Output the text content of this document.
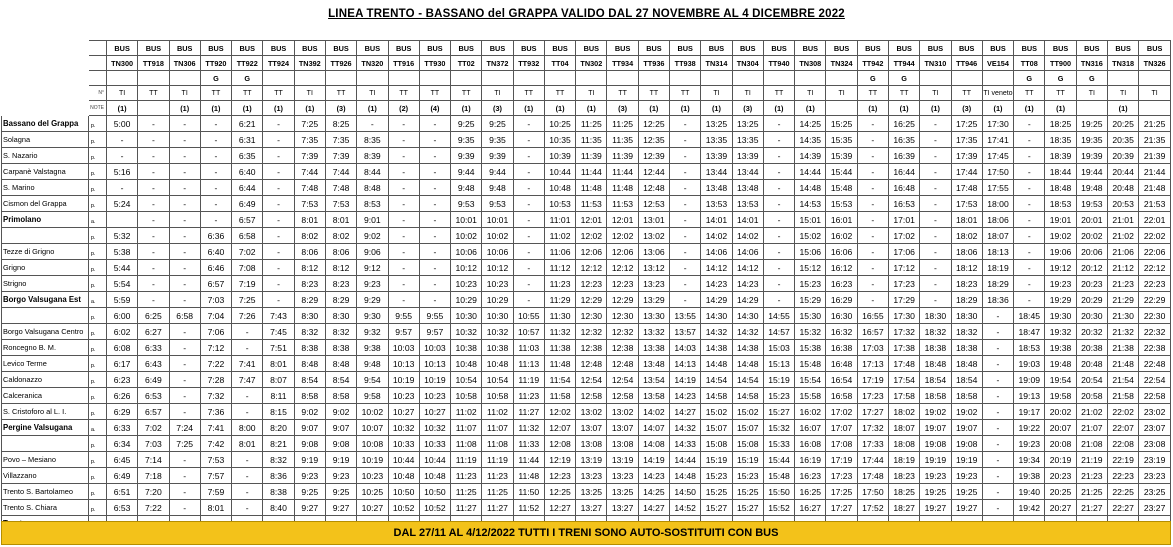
LINEA TRENTO - BASSANO del GRAPPA VALIDO DAL 27 NOVEMBRE AL 4 DICEMBRE 2022
		BUS	BUS	BUS	BUS	BUS	BUS	BUS	BUS	BUS	BUS	BUS	BUS	BUS	BUS	BUS	BUS	BUS	BUS	BUS	BUS	BUS	BUS	BUS	BUS	BUS	BUS	BUS	BUS	BUS	BUS	BUS	BUS	BUS	BUS
		TN300	TT918	TN306	TT920	TT922	TT924	TN392	TT926	TN320	TT916	TT930	TT02	TN372	TT932	TT04	TN302	TT934	TT936	TT938	TN314	TN304	TT940	TN308	TN324	TT942	TT944	TN310	TT946	VE154	TT08	TT900	TN316	TN318	TN326
					G	G																				G	G				G	G	G		
	N°	TI	TT	TI	TT	TT	TT	TI	TT	TI	TT	TT	TT	TI	TT	TT	TI	TT	TT	TT	TI	TI	TT	TI	TI	TT	TT	TI	TT	TI veneto	TT	TT	TI	TI	TI
	NOTE	(1)		(1)	(1)	(1)	(1)	(1)	(3)	(1)	(2)	(4)	(1)	(3)	(1)	(1)	(1)	(3)	(1)	(1)	(1)	(3)	(1)	(1)		(1)	(1)	(1)	(3)	(1)	(1)	(1)		(1)	
Bassano del Grappa	p.	5:00	-	-	-	6:21	-	7:25	8:25	-	-	-	9:25	9:25	-	10:25	11:25	11:25	12:25	-	13:25	13:25	-	14:25	15:25	-	16:25	-	17:25	17:30	-	18:25	19:25	20:25	21:25
Solagna	p.	-	-	-	-	6:31	-	7:35	7:35	8:35	-	-	9:35	9:35	-	10:35	11:35	11:35	12:35	-	13:35	13:35	-	14:35	15:35	-	16:35	-	17:35	17:41	-	18:35	19:35	20:35	21:35
S. Nazario	p.	-	-	-	-	6:35	-	7:39	7:39	8:39	-	-	9:39	9:39	-	10:39	11:39	11:39	12:39	-	13:39	13:39	-	14:39	15:39	-	16:39	-	17:39	17:45	-	18:39	19:39	20:39	21:39
Carpanè Valstagna	p.	5:16	-	-	-	6:40	-	7:44	7:44	8:44	-	-	9:44	9:44	-	10:44	11:44	11:44	12:44	-	13:44	13:44	-	14:44	15:44	-	16:44	-	17:44	17:50	-	18:44	19:44	20:44	21:44
S. Marino	p.	-	-	-	-	6:44	-	7:48	7:48	8:48	-	-	9:48	9:48	-	10:48	11:48	11:48	12:48	-	13:48	13:48	-	14:48	15:48	-	16:48	-	17:48	17:55	-	18:48	19:48	20:48	21:48
Cismon del Grappa	p.	5:24	-	-	-	6:49	-	7:53	7:53	8:53	-	-	9:53	9:53	-	10:53	11:53	11:53	12:53	-	13:53	13:53	-	14:53	15:53	-	16:53	-	17:53	18:00	-	18:53	19:53	20:53	21:53
Primolano	a.		-	-	-	6:57	-	8:01	8:01	9:01	-	-	10:01	10:01	-	11:01	12:01	12:01	13:01	-	14:01	14:01	-	15:01	16:01	-	17:01	-	18:01	18:06	-	19:01	20:01	21:01	22:01
	p.	5:32	-	-	6:36	6:58	-	8:02	8:02	9:02	-	-	10:02	10:02	-	11:02	12:02	12:02	13:02	-	14:02	14:02	-	15:02	16:02	-	17:02	-	18:02	18:07	-	19:02	20:02	21:02	22:02
Tezze di Grigno	p.	5:38	-	-	6:40	7:02	-	8:06	8:06	9:06	-	-	10:06	10:06	-	11:06	12:06	12:06	13:06	-	14:06	14:06	-	15:06	16:06	-	17:06	-	18:06	18:13	-	19:06	20:06	21:06	22:06
Grigno	p.	5:44	-	-	6:46	7:08	-	8:12	8:12	9:12	-	-	10:12	10:12	-	11:12	12:12	12:12	13:12	-	14:12	14:12	-	15:12	16:12	-	17:12	-	18:12	18:19	-	19:12	20:12	21:12	22:12
Strigno	p.	5:54	-	-	6:57	7:19	-	8:23	8:23	9:23	-	-	10:23	10:23	-	11:23	12:23	12:23	13:23	-	14:23	14:23	-	15:23	16:23	-	17:23	-	18:23	18:29	-	19:23	20:23	21:23	22:23
Borgo Valsugana Est	a.	5:59	-	-	7:03	7:25	-	8:29	8:29	9:29	-	-	10:29	10:29	-	11:29	12:29	12:29	13:29	-	14:29	14:29	-	15:29	16:29	-	17:29	-	18:29	18:36	-	19:29	20:29	21:29	22:29
	p.	6:00	6:25	6:58	7:04	7:26	7:43	8:30	8:30	9:30	9:55	9:55	10:30	10:30	10:55	11:30	12:30	12:30	13:30	13:55	14:30	14:30	14:55	15:30	16:30	16:55	17:30	18:30	18:30	-	18:45	19:30	20:30	21:30	22:30
Borgo Valsugana Centro	p.	6:02	6:27	-	7:06	-	7:45	8:32	8:32	9:32	9:57	9:57	10:32	10:32	10:57	11:32	12:32	12:32	13:32	13:57	14:32	14:32	14:57	15:32	16:32	16:57	17:32	18:32	18:32	-	18:47	19:32	20:32	21:32	22:32
Roncegno B. M.	p.	6:08	6:33	-	7:12	-	7:51	8:38	8:38	9:38	10:03	10:03	10:38	10:38	11:03	11:38	12:38	12:38	13:38	14:03	14:38	14:38	15:03	15:38	16:38	17:03	17:38	18:38	18:38	-	18:53	19:38	20:38	21:38	22:38
Levico Terme	p.	6:17	6:43	-	7:22	7:41	8:01	8:48	8:48	9:48	10:13	10:13	10:48	10:48	11:13	11:48	12:48	12:48	13:48	14:13	14:48	14:48	15:13	15:48	16:48	17:13	17:48	18:48	18:48	-	19:03	19:48	20:48	21:48	22:48
Caldonazzo	p.	6:23	6:49	-	7:28	7:47	8:07	8:54	8:54	9:54	10:19	10:19	10:54	10:54	11:19	11:54	12:54	12:54	13:54	14:19	14:54	14:54	15:19	15:54	16:54	17:19	17:54	18:54	18:54	-	19:09	19:54	20:54	21:54	22:54
Calceranica	p.	6:26	6:53	-	7:32	-	8:11	8:58	8:58	9:58	10:23	10:23	10:58	10:58	11:23	11:58	12:58	12:58	13:58	14:23	14:58	14:58	15:23	15:58	16:58	17:23	17:58	18:58	18:58	-	19:13	19:58	20:58	21:58	22:58
S. Cristoforo al L. I.	p.	6:29	6:57	-	7:36	-	8:15	9:02	9:02	10:02	10:27	10:27	11:02	11:02	11:27	12:02	13:02	13:02	14:02	14:27	15:02	15:02	15:27	16:02	17:02	17:27	18:02	19:02	19:02	-	19:17	20:02	21:02	22:02	23:02
Pergine Valsugana	a.	6:33	7:02	7:24	7:41	8:00	8:20	9:07	9:07	10:07	10:32	10:32	11:07	11:07	11:32	12:07	13:07	13:07	14:07	14:32	15:07	15:07	15:32	16:07	17:07	17:32	18:07	19:07	19:07	-	19:22	20:07	21:07	22:07	23:07
	p.	6:34	7:03	7:25	7:42	8:01	8:21	9:08	9:08	10:08	10:33	10:33	11:08	11:08	11:33	12:08	13:08	13:08	14:08	14:33	15:08	15:08	15:33	16:08	17:08	17:33	18:08	19:08	19:08	-	19:23	20:08	21:08	22:08	23:08
Povo – Mesiano	p.	6:45	7:14	-	7:53	-	8:32	9:19	9:19	10:19	10:44	10:44	11:19	11:19	11:44	12:19	13:19	13:19	14:19	14:44	15:19	15:19	15:44	16:19	17:19	17:44	18:19	19:19	19:19	-	19:34	20:19	21:19	22:19	23:19
Villazzano	p.	6:49	7:18	-	7:57	-	8:36	9:23	9:23	10:23	10:48	10:48	11:23	11:23	11:48	12:23	13:23	13:23	14:23	14:48	15:23	15:23	15:48	16:23	17:23	17:48	18:23	19:23	19:23	-	19:38	20:23	21:23	22:23	23:23
Trento S. Bartolameo	p.	6:51	7:20	-	7:59	-	8:38	9:25	9:25	10:25	10:50	10:50	11:25	11:25	11:50	12:25	13:25	13:25	14:25	14:50	15:25	15:25	15:50	16:25	17:25	17:50	18:25	19:25	19:25	-	19:40	20:25	21:25	22:25	23:25
Trento S. Chiara	p.	6:53	7:22	-	8:01	-	8:40	9:27	9:27	10:27	10:52	10:52	11:27	11:27	11:52	12:27	13:27	13:27	14:27	14:52	15:27	15:27	15:52	16:27	17:27	17:52	18:27	19:27	19:27	-	19:42	20:27	21:27	22:27	23:27

DAL 27/11 AL 4/12/2022 TUTTI I TRENI SONO AUTO-SOSTITUITI CON BUS
